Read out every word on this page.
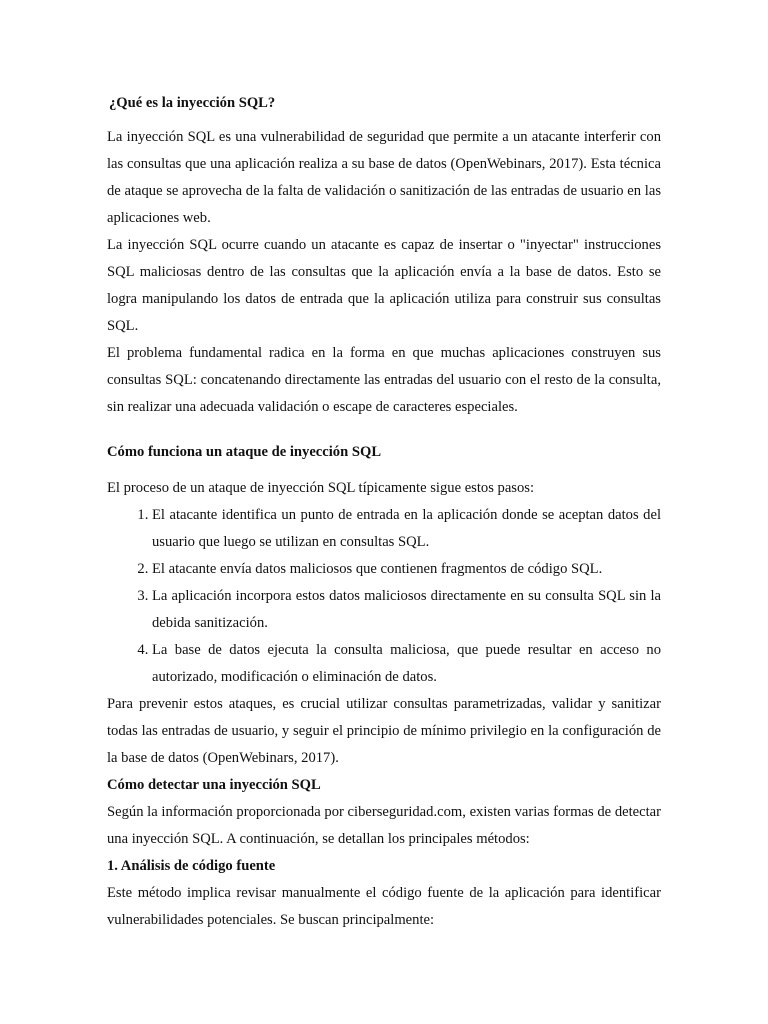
¿Qué es la inyección SQL?

La inyección SQL es una vulnerabilidad de seguridad que permite a un atacante interferir con las consultas que una aplicación realiza a su base de datos (OpenWebinars, 2017). Esta técnica de ataque se aprovecha de la falta de validación o sanitización de las entradas de usuario en las aplicaciones web.

La inyección SQL ocurre cuando un atacante es capaz de insertar o "inyectar" instrucciones SQL maliciosas dentro de las consultas que la aplicación envía a la base de datos. Esto se logra manipulando los datos de entrada que la aplicación utiliza para construir sus consultas SQL.

El problema fundamental radica en la forma en que muchas aplicaciones construyen sus consultas SQL: concatenando directamente las entradas del usuario con el resto de la consulta, sin realizar una adecuada validación o escape de caracteres especiales.

Cómo funciona un ataque de inyección SQL

El proceso de un ataque de inyección SQL típicamente sigue estos pasos:

1. El atacante identifica un punto de entrada en la aplicación donde se aceptan datos del usuario que luego se utilizan en consultas SQL.
2. El atacante envía datos maliciosos que contienen fragmentos de código SQL.
3. La aplicación incorpora estos datos maliciosos directamente en su consulta SQL sin la debida sanitización.
4. La base de datos ejecuta la consulta maliciosa, que puede resultar en acceso no autorizado, modificación o eliminación de datos.

Para prevenir estos ataques, es crucial utilizar consultas parametrizadas, validar y sanitizar todas las entradas de usuario, y seguir el principio de mínimo privilegio en la configuración de la base de datos (OpenWebinars, 2017).

Cómo detectar una inyección SQL

Según la información proporcionada por ciberseguridad.com, existen varias formas de detectar una inyección SQL. A continuación, se detallan los principales métodos:

1. Análisis de código fuente

Este método implica revisar manualmente el código fuente de la aplicación para identificar vulnerabilidades potenciales. Se buscan principalmente:
